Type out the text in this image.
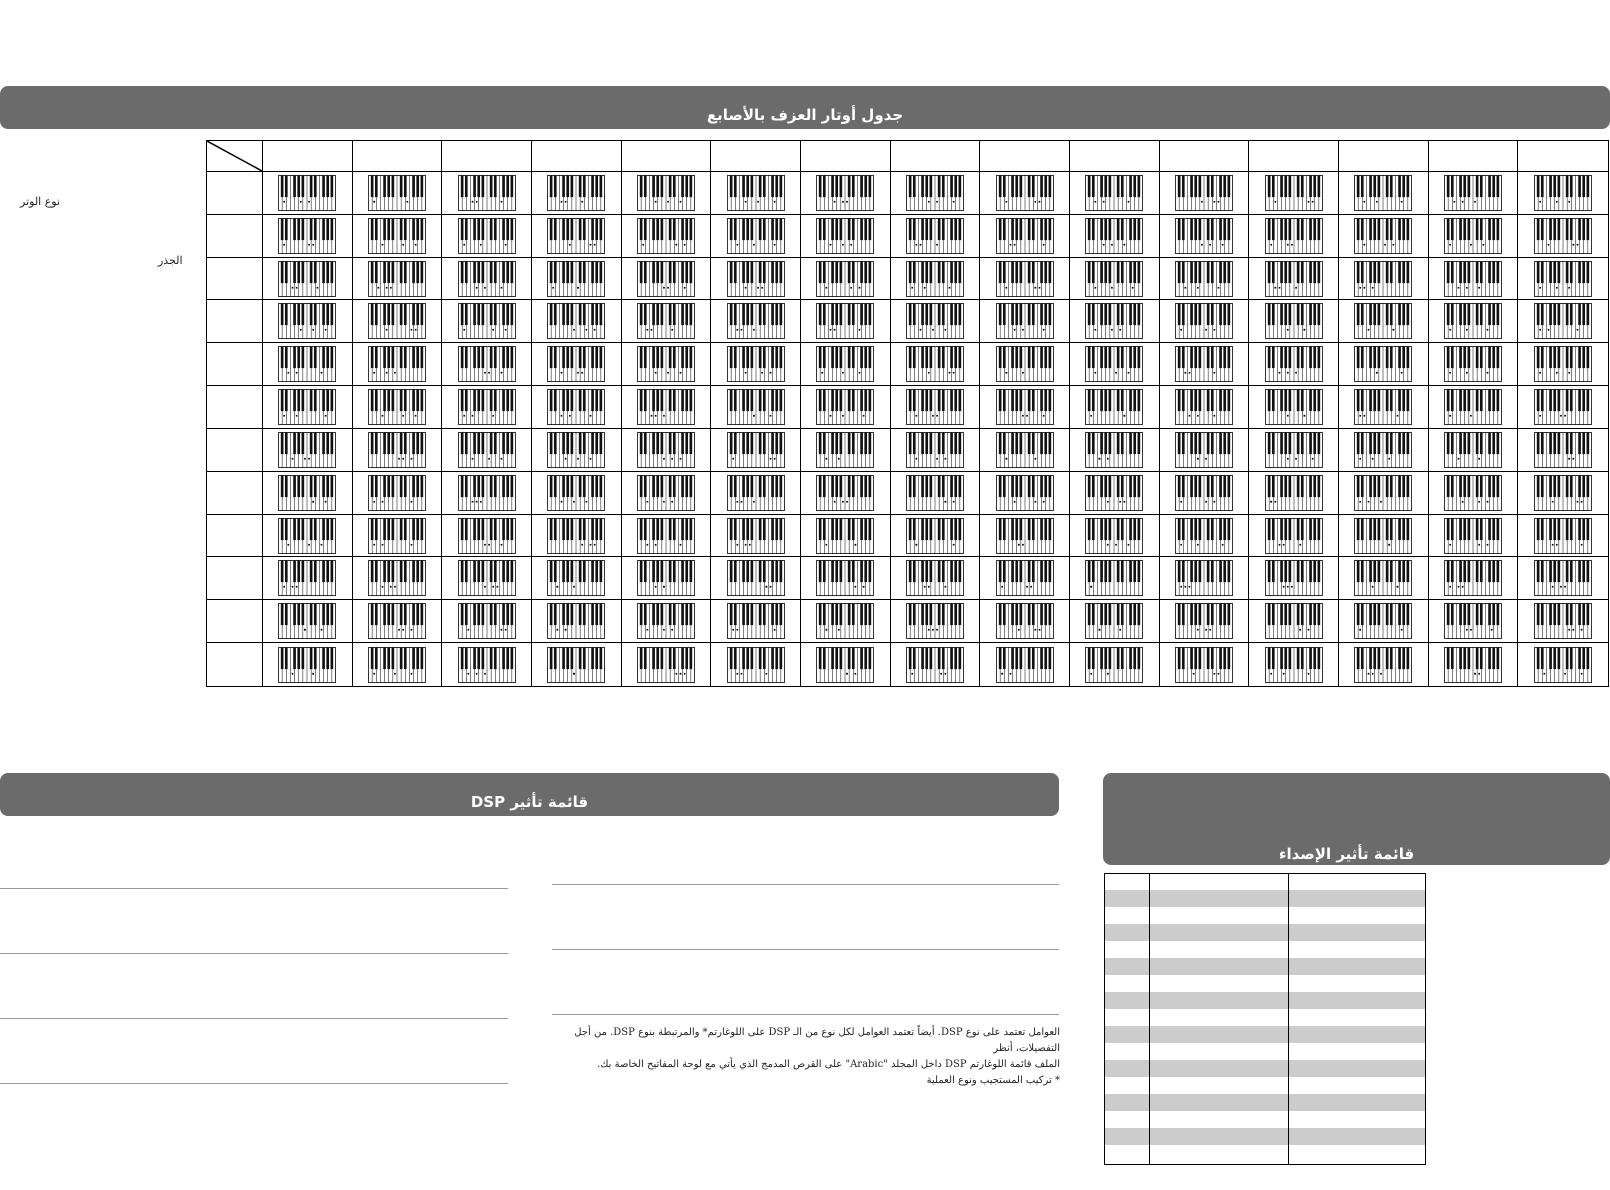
جدول أوتار العزف بالأصابع
نوع الوتر
الجذر
قائمة تأثير DSP

العوامل تعتمد على نوع DSP. أيضاً تعتمد العوامل لكل نوع من الـ DSP على اللوغارتم* والمرتبطة بنوع DSP. من أجل التفصيلات، أنظر

الملف قائمة اللوغارتم DSP داخل المجلد "Arabic" على القرص المدمج الذي يأتي مع لوحة المفاتيح الخاصة بك.

* تركيب المستجيب ونوع العملية

قائمة تأثير الإصداء
